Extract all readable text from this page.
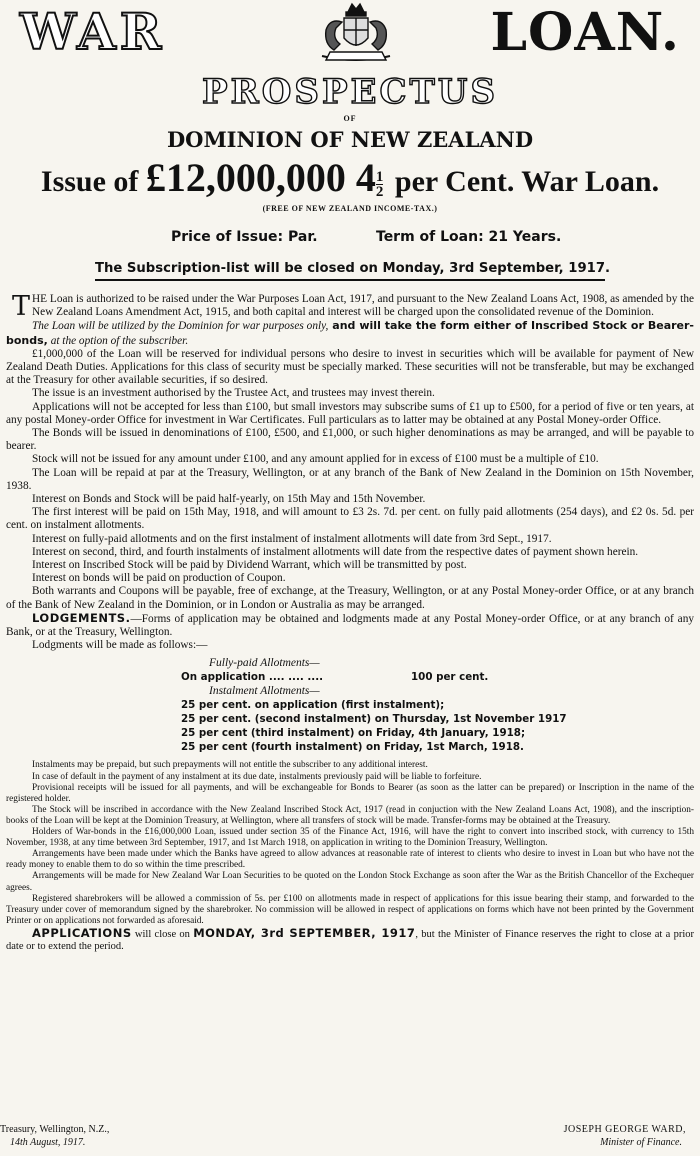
WAR	LOAN.
PROSPECTUS
OF
DOMINION OF NEW ZEALAND
Issue of £12,000,000 $4 \frac{1}{2}$ per Cent. War Loan.
(FREE OF NEW ZEALAND INCOME-TAX.)
Price of Issue: Par.	Term of Loan: 21 Years.
The Subscription-list will be closed on Monday, 3rd September, 1917.

THE Loan is authorized to be raised under the War Purposes Loan Act, 1917, and pursuant to the New Zealand Loans Act, 1908, as amended by the New Zealand Loans Amendment Act, 1915, and both capital and interest will be charged upon the consolidated revenue of the Dominion.

The Loan will be utilized by the Dominion for war purposes only, and will take the form either of Inscribed Stock or Bearer-bonds, at the option of the subscriber.

£1,000,000 of the Loan will be reserved for individual persons who desire to invest in securities which will be available for payment of New Zealand Death Duties. Applications for this class of security must be specially marked. These securities will not be transferable, but may be exchanged at the Treasury for other available securities, if so desired.

The issue is an investment authorised by the Trustee Act, and trustees may invest therein.

Applications will not be accepted for less than £100, but small investors may subscribe sums of £1 up to £500, for a period of five or ten years, at any postal Money-order Office for investment in War Certificates. Full particulars as to latter may be obtained at any Postal Money-order Office.

The Bonds will be issued in denominations of £100, £500, and £1,000, or such higher denominations as may be arranged, and will be payable to bearer.

Stock will not be issued for any amount under £100, and any amount applied for in excess of £100 must be a multiple of £10.

The Loan will be repaid at par at the Treasury, Wellington, or at any branch of the Bank of New Zealand in the Dominion on 15th November, 1938.

Interest on Bonds and Stock will be paid half-yearly, on 15th May and 15th November.

The first interest will be paid on 15th May, 1918, and will amount to £3 2s. 7d. per cent. on fully paid allotments (254 days), and £2 0s. 5d. per cent. on instalment allotments.

Interest on fully-paid allotments and on the first instalment of instalment allotments will date from 3rd Sept., 1917.

Interest on second, third, and fourth instalments of instalment allotments will date from the respective dates of payment shown herein.

Interest on Inscribed Stock will be paid by Dividend Warrant, which will be transmitted by post.

Interest on bonds will be paid on production of Coupon.

Both warrants and Coupons will be payable, free of exchange, at the Treasury, Wellington, or at any Postal Money-order Office, or at any branch of the Bank of New Zealand in the Dominion, or in London or Australia as may be arranged.

LODGEMENTS.—Forms of application may be obtained and lodgments made at any Postal Money-order Office, or at any branch of any Bank, or at the Treasury, Wellington.

Lodgments will be made as follows:—

Fully-paid Allotments—
On application .... .... ....	100 per cent.
Instalment Allotments—
25 per cent. on application (first instalment);
25 per cent. (second instalment) on Thursday, 1st November 1917
25 per cent (third instalment) on Friday, 4th January, 1918;
25 per cent (fourth instalment) on Friday, 1st March, 1918.

Instalments may be prepaid, but such prepayments will not entitle the subscriber to any additional interest.

In case of default in the payment of any instalment at its due date, instalments previously paid will be liable to forfeiture.

Provisional receipts will be issued for all payments, and will be exchangeable for Bonds to Bearer (as soon as the latter can be prepared) or Inscription in the name of the registered holder.

The Stock will be inscribed in accordance with the New Zealand Inscribed Stock Act, 1917 (read in conjuction with the New Zealand Loans Act, 1908), and the inscription-books of the Loan will be kept at the Dominion Treasury, at Wellington, where all transfers of stock will be made. Transfer-forms may be obtained at the Treasury.

Holders of War-bonds in the £16,000,000 Loan, issued under section 35 of the Finance Act, 1916, will have the right to convert into inscribed stock, with currency to 15th November, 1938, at any time between 3rd September, 1917, and 1st March 1918, on application in writing to the Dominion Treasury, Wellington.

Arrangements have been made under which the Banks have agreed to allow advances at reasonable rate of interest to clients who desire to invest in Loan but who have not the ready money to enable them to do so within the time prescribed.

Arrangements will be made for New Zealand War Loan Securities to be quoted on the London Stock Exchange as soon after the War as the British Chancellor of the Exchequer agrees.

Registered sharebrokers will be allowed a commission of 5s. per £100 on allotments made in respect of applications for this issue bearing their stamp, and forwarded to the Treasury under cover of memorandum signed by the sharebroker. No commission will be allowed in respect of applications on forms which have not been printed by the Government Printer or on applications not forwarded as aforesaid.

APPLICATIONS will close on MONDAY, 3rd SEPTEMBER, 1917, but the Minister of Finance reserves the right to close at a prior date or to extend the period.

Treasury, Wellington, N.Z.,
14th August, 1917.
JOSEPH GEORGE WARD,
Minister of Finance.
